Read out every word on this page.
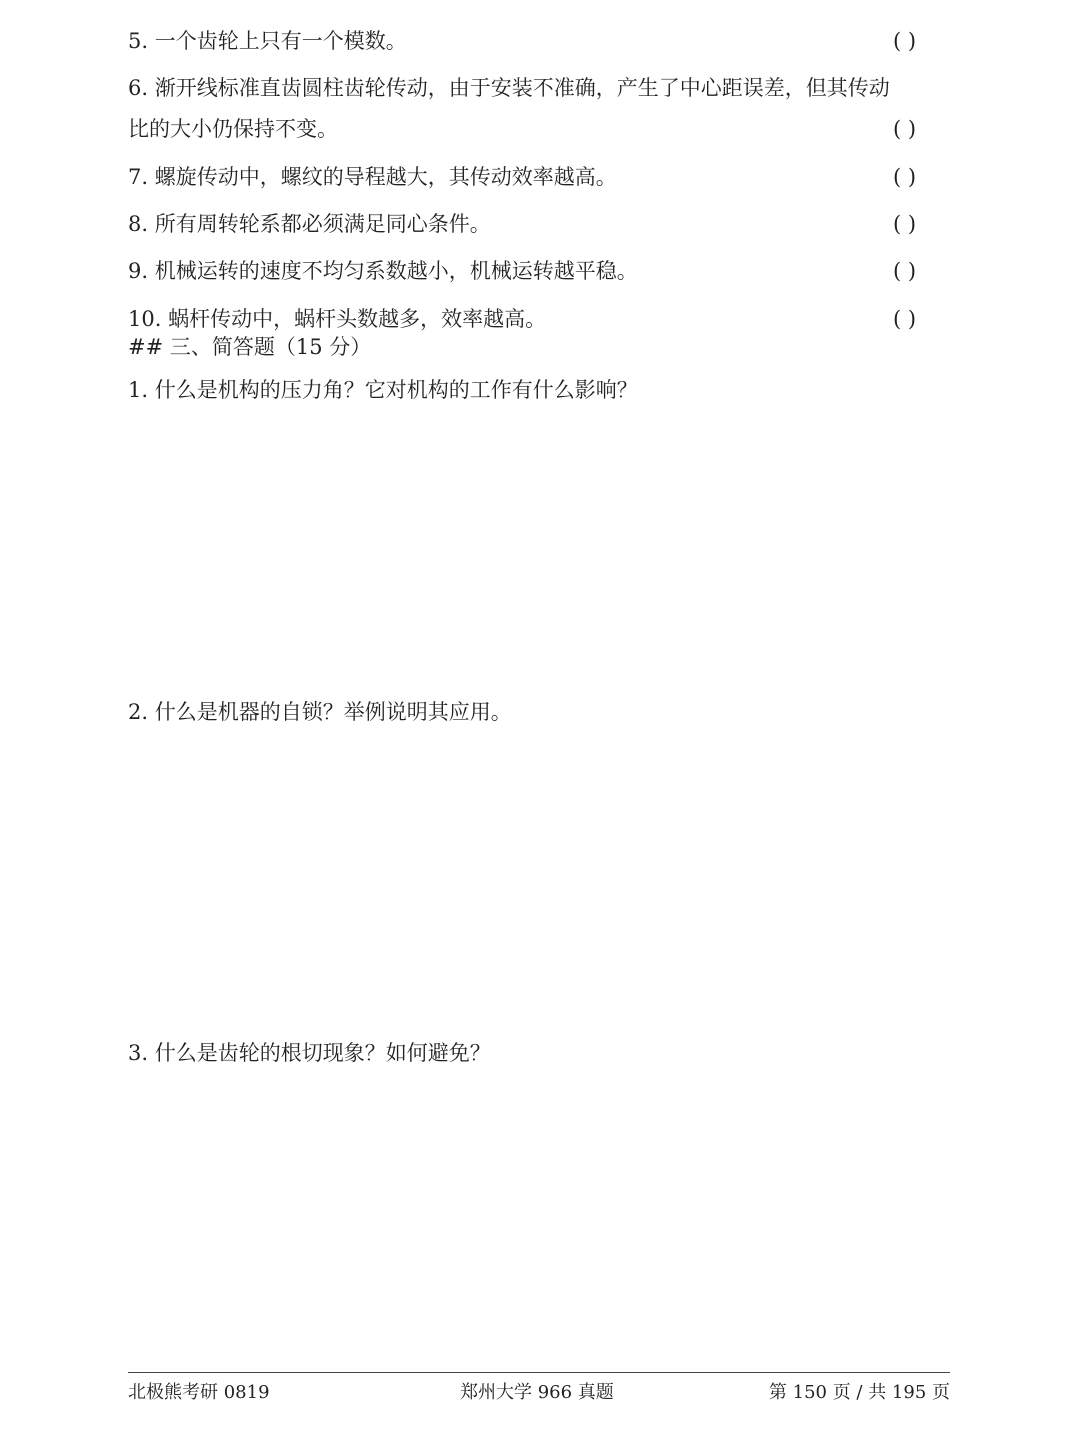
5. 一个齿轮上只有一个模数。	( )
6. 渐开线标准直齿圆柱齿轮传动，由于安装不准确，产生了中心距误差，但其传动
比的大小仍保持不变。	( )
7. 螺旋传动中，螺纹的导程越大，其传动效率越高。	( )
8. 所有周转轮系都必须满足同心条件。	( )
9. 机械运转的速度不均匀系数越小，机械运转越平稳。	( )
10. 蜗杆传动中，蜗杆头数越多，效率越高。	( )
## 三、简答题（15 分）
1. 什么是机构的压力角？它对机构的工作有什么影响？
2. 什么是机器的自锁？举例说明其应用。
3. 什么是齿轮的根切现象？如何避免？
北极熊考研 0819	郑州大学 966 真题	第 150 页 / 共 195 页
